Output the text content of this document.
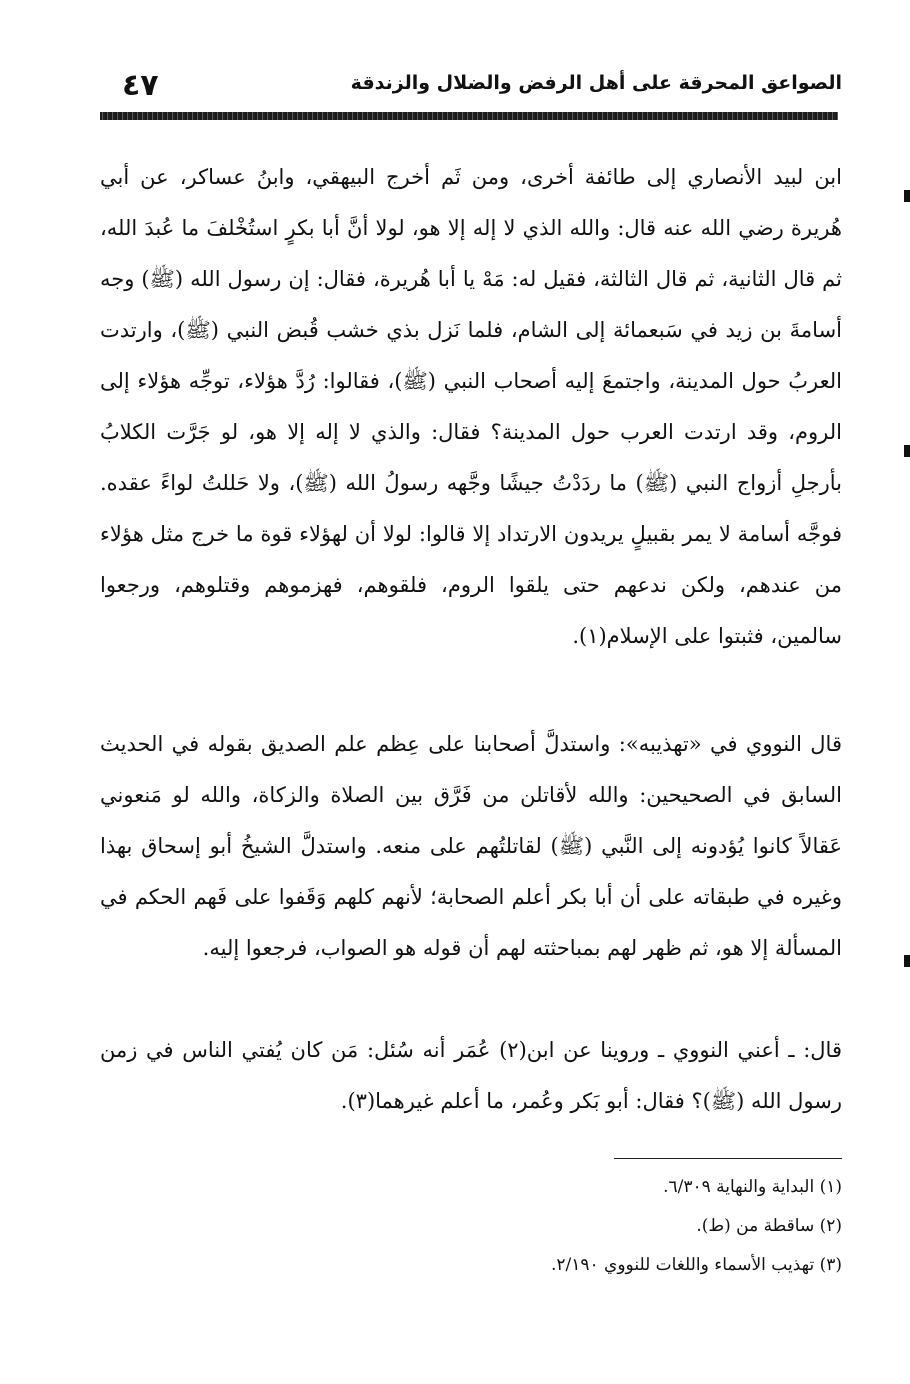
الصواعق المحرقة على أهل الرفض والضلال والزندقة
٤٧

ابن لبيد الأنصاري إلى طائفة أخرى، ومن ثَم أخرج البيهقي، وابنُ عساكر، عن أبي هُريرة رضي الله عنه قال: والله الذي لا إله إلا هو، لولا أنَّ أبا بكرٍ استُخْلفَ ما عُبدَ الله، ثم قال الثانية، ثم قال الثالثة، فقيل له: مَهْ يا أبا هُريرة، فقال: إن رسول الله (ﷺ) وجه أسامةَ بن زيد في سَبعمائة إلى الشام، فلما نَزل بذي خشب قُبض النبي (ﷺ)، وارتدت العربُ حول المدينة، واجتمعَ إليه أصحاب النبي (ﷺ)، فقالوا: رُدَّ هؤلاء، توجِّه هؤلاء إلى الروم، وقد ارتدت العرب حول المدينة؟ فقال: والذي لا إله إلا هو، لو جَرَّت الكلابُ بأرجلِ أزواج النبي (ﷺ) ما ردَدْتُ جيشًا وجَّهه رسولُ الله (ﷺ)، ولا حَللتُ لواءً عقده. فوجَّه أسامة لا يمر بقبيلٍ يريدون الارتداد إلا قالوا: لولا أن لهؤلاء قوة ما خرج مثل هؤلاء من عندهم، ولكن ندعهم حتى يلقوا الروم، فلقوهم، فهزموهم وقتلوهم، ورجعوا سالمين، فثبتوا على الإسلام(١).

قال النووي في «تهذيبه»: واستدلَّ أصحابنا على عِظم علم الصديق بقوله في الحديث السابق في الصحيحين: والله لأقاتلن من فَرَّق بين الصلاة والزكاة، والله لو مَنعوني عَقالاً كانوا يُؤدونه إلى النَّبي (ﷺ) لقاتلتُهم على منعه. واستدلَّ الشيخُ أبو إسحاق بهذا وغيره في طبقاته على أن أبا بكر أعلم الصحابة؛ لأنهم كلهم وَقَفوا على فَهم الحكم في المسألة إلا هو، ثم ظهر لهم بمباحثته لهم أن قوله هو الصواب، فرجعوا إليه.

قال: ـ أعني النووي ـ وروينا عن ابن(٢) عُمَر أنه سُئل: مَن كان يُفتي الناس في زمن رسول الله (ﷺ)؟ فقال: أبو بَكر وعُمر، ما أعلم غيرهما(٣).

(١) البداية والنهاية ٦/٣٠٩.
(٢) ساقطة من (ط).
(٣) تهذيب الأسماء واللغات للنووي ٢/١٩٠.
